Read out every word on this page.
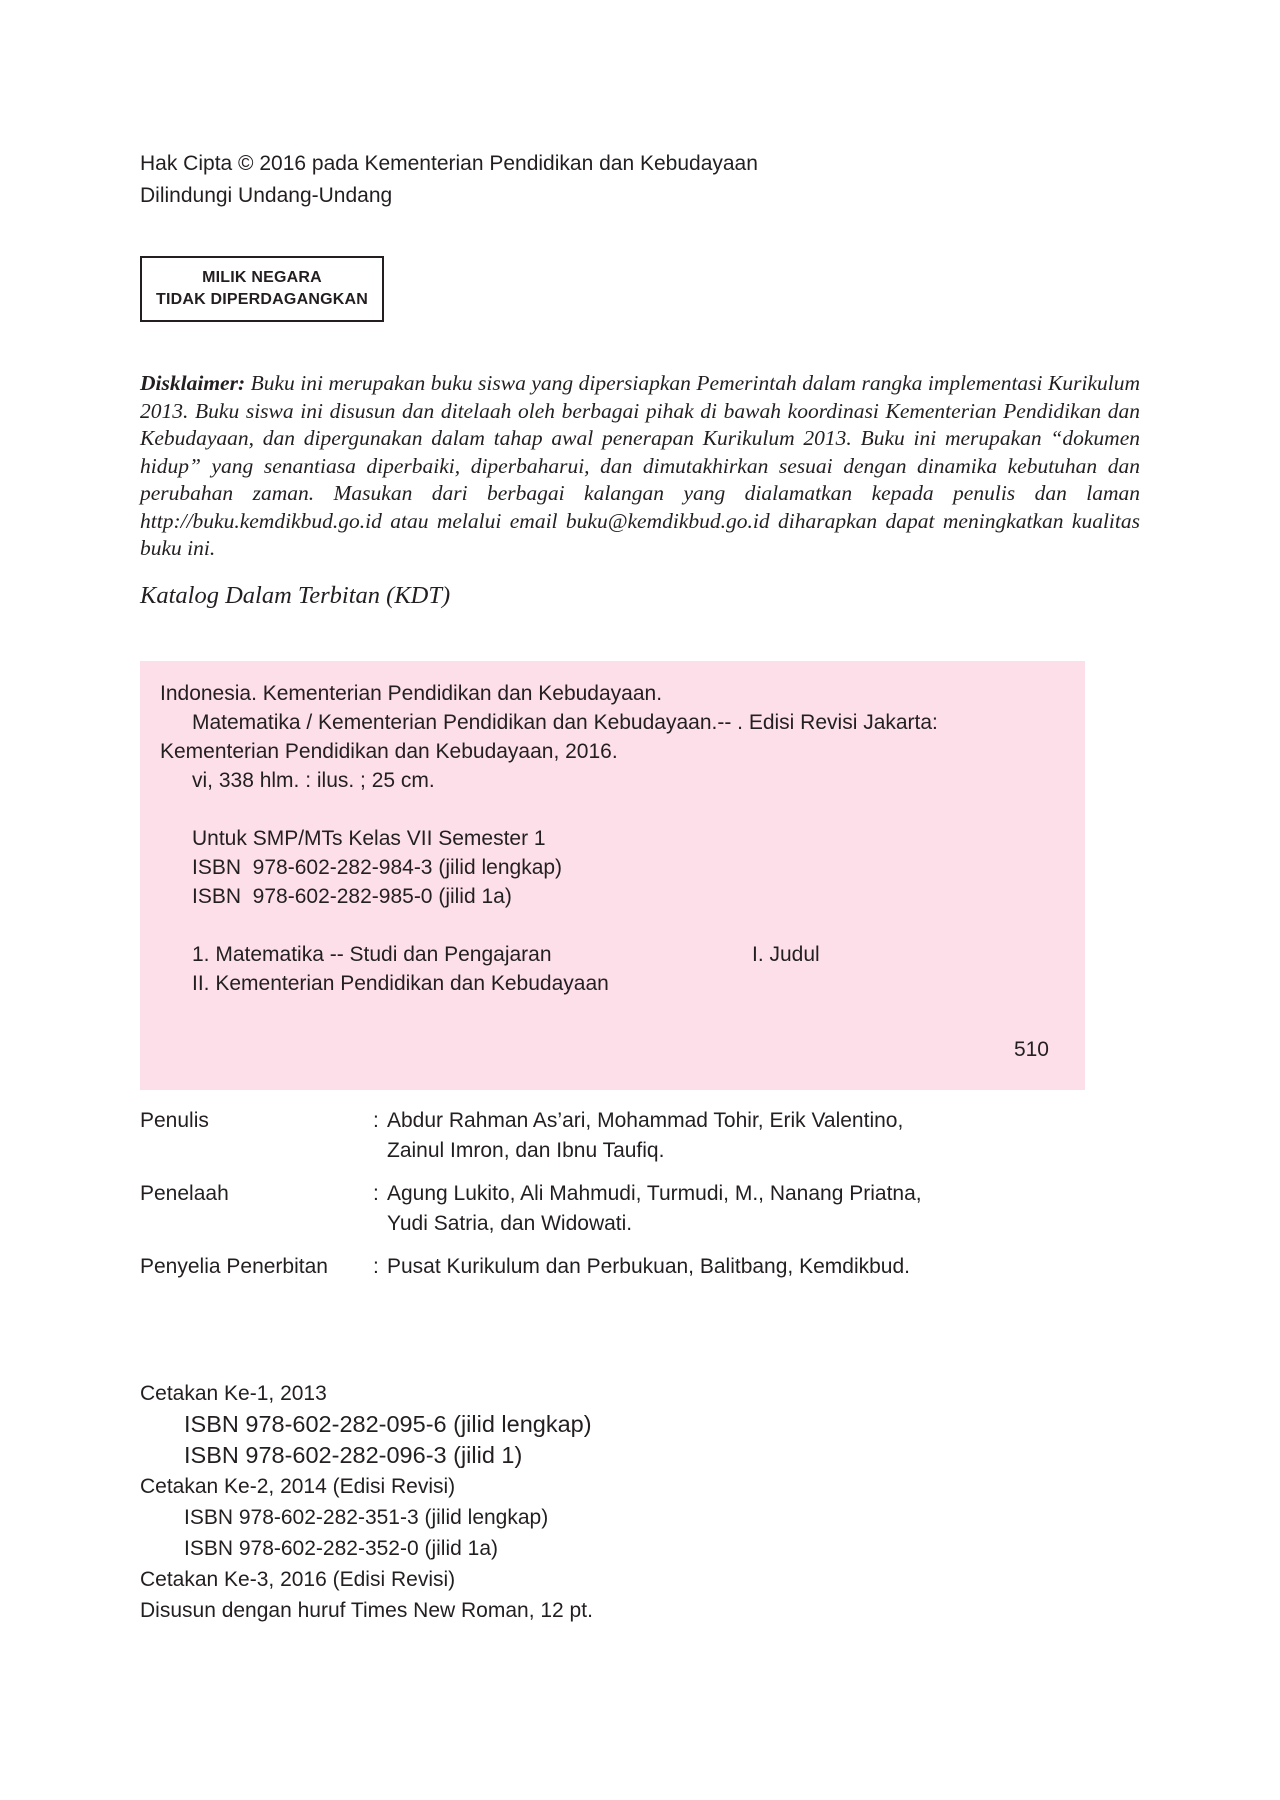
Hak Cipta © 2016 pada Kementerian Pendidikan dan Kebudayaan
Dilindungi Undang-Undang
MILIK NEGARA
TIDAK DIPERDAGANGKAN

Disklaimer: Buku ini merupakan buku siswa yang dipersiapkan Pemerintah dalam rangka implementasi Kurikulum 2013. Buku siswa ini disusun dan ditelaah oleh berbagai pihak di bawah koordinasi Kementerian Pendidikan dan Kebudayaan, dan dipergunakan dalam tahap awal penerapan Kurikulum 2013. Buku ini merupakan “dokumen hidup” yang senantiasa diperbaiki, diperbaharui, dan dimutakhirkan sesuai dengan dinamika kebutuhan dan perubahan zaman. Masukan dari berbagai kalangan yang dialamatkan kepada penulis dan laman http://buku.kemdikbud.go.id atau melalui email buku@kemdikbud.go.id diharapkan dapat meningkatkan kualitas buku ini.

Katalog Dalam Terbitan (KDT)
Indonesia. Kementerian Pendidikan dan Kebudayaan.
Matematika / Kementerian Pendidikan dan Kebudayaan.-- . Edisi Revisi Jakarta:
Kementerian Pendidikan dan Kebudayaan, 2016.
vi, 338 hlm. : ilus. ; 25 cm.
Untuk SMP/MTs Kelas VII Semester 1
ISBN  978-602-282-984-3 (jilid lengkap)
ISBN  978-602-282-985-0 (jilid 1a)
1. Matematika -- Studi dan Pengajaran	I. Judul
II. Kementerian Pendidikan dan Kebudayaan
510
Penulis	: Abdur Rahman As’ari, Mohammad Tohir, Erik Valentino,
Zainul Imron, dan Ibnu Taufiq.
Penelaah	: Agung Lukito, Ali Mahmudi, Turmudi, M., Nanang Priatna,
Yudi Satria, dan Widowati.
Penyelia Penerbitan	: Pusat Kurikulum dan Perbukuan, Balitbang, Kemdikbud.
Cetakan Ke-1, 2013
ISBN 978-602-282-095-6 (jilid lengkap)
ISBN 978-602-282-096-3 (jilid 1)
Cetakan Ke-2, 2014 (Edisi Revisi)
ISBN 978-602-282-351-3 (jilid lengkap)
ISBN 978-602-282-352-0 (jilid 1a)
Cetakan Ke-3, 2016 (Edisi Revisi)
Disusun dengan huruf Times New Roman, 12 pt.
